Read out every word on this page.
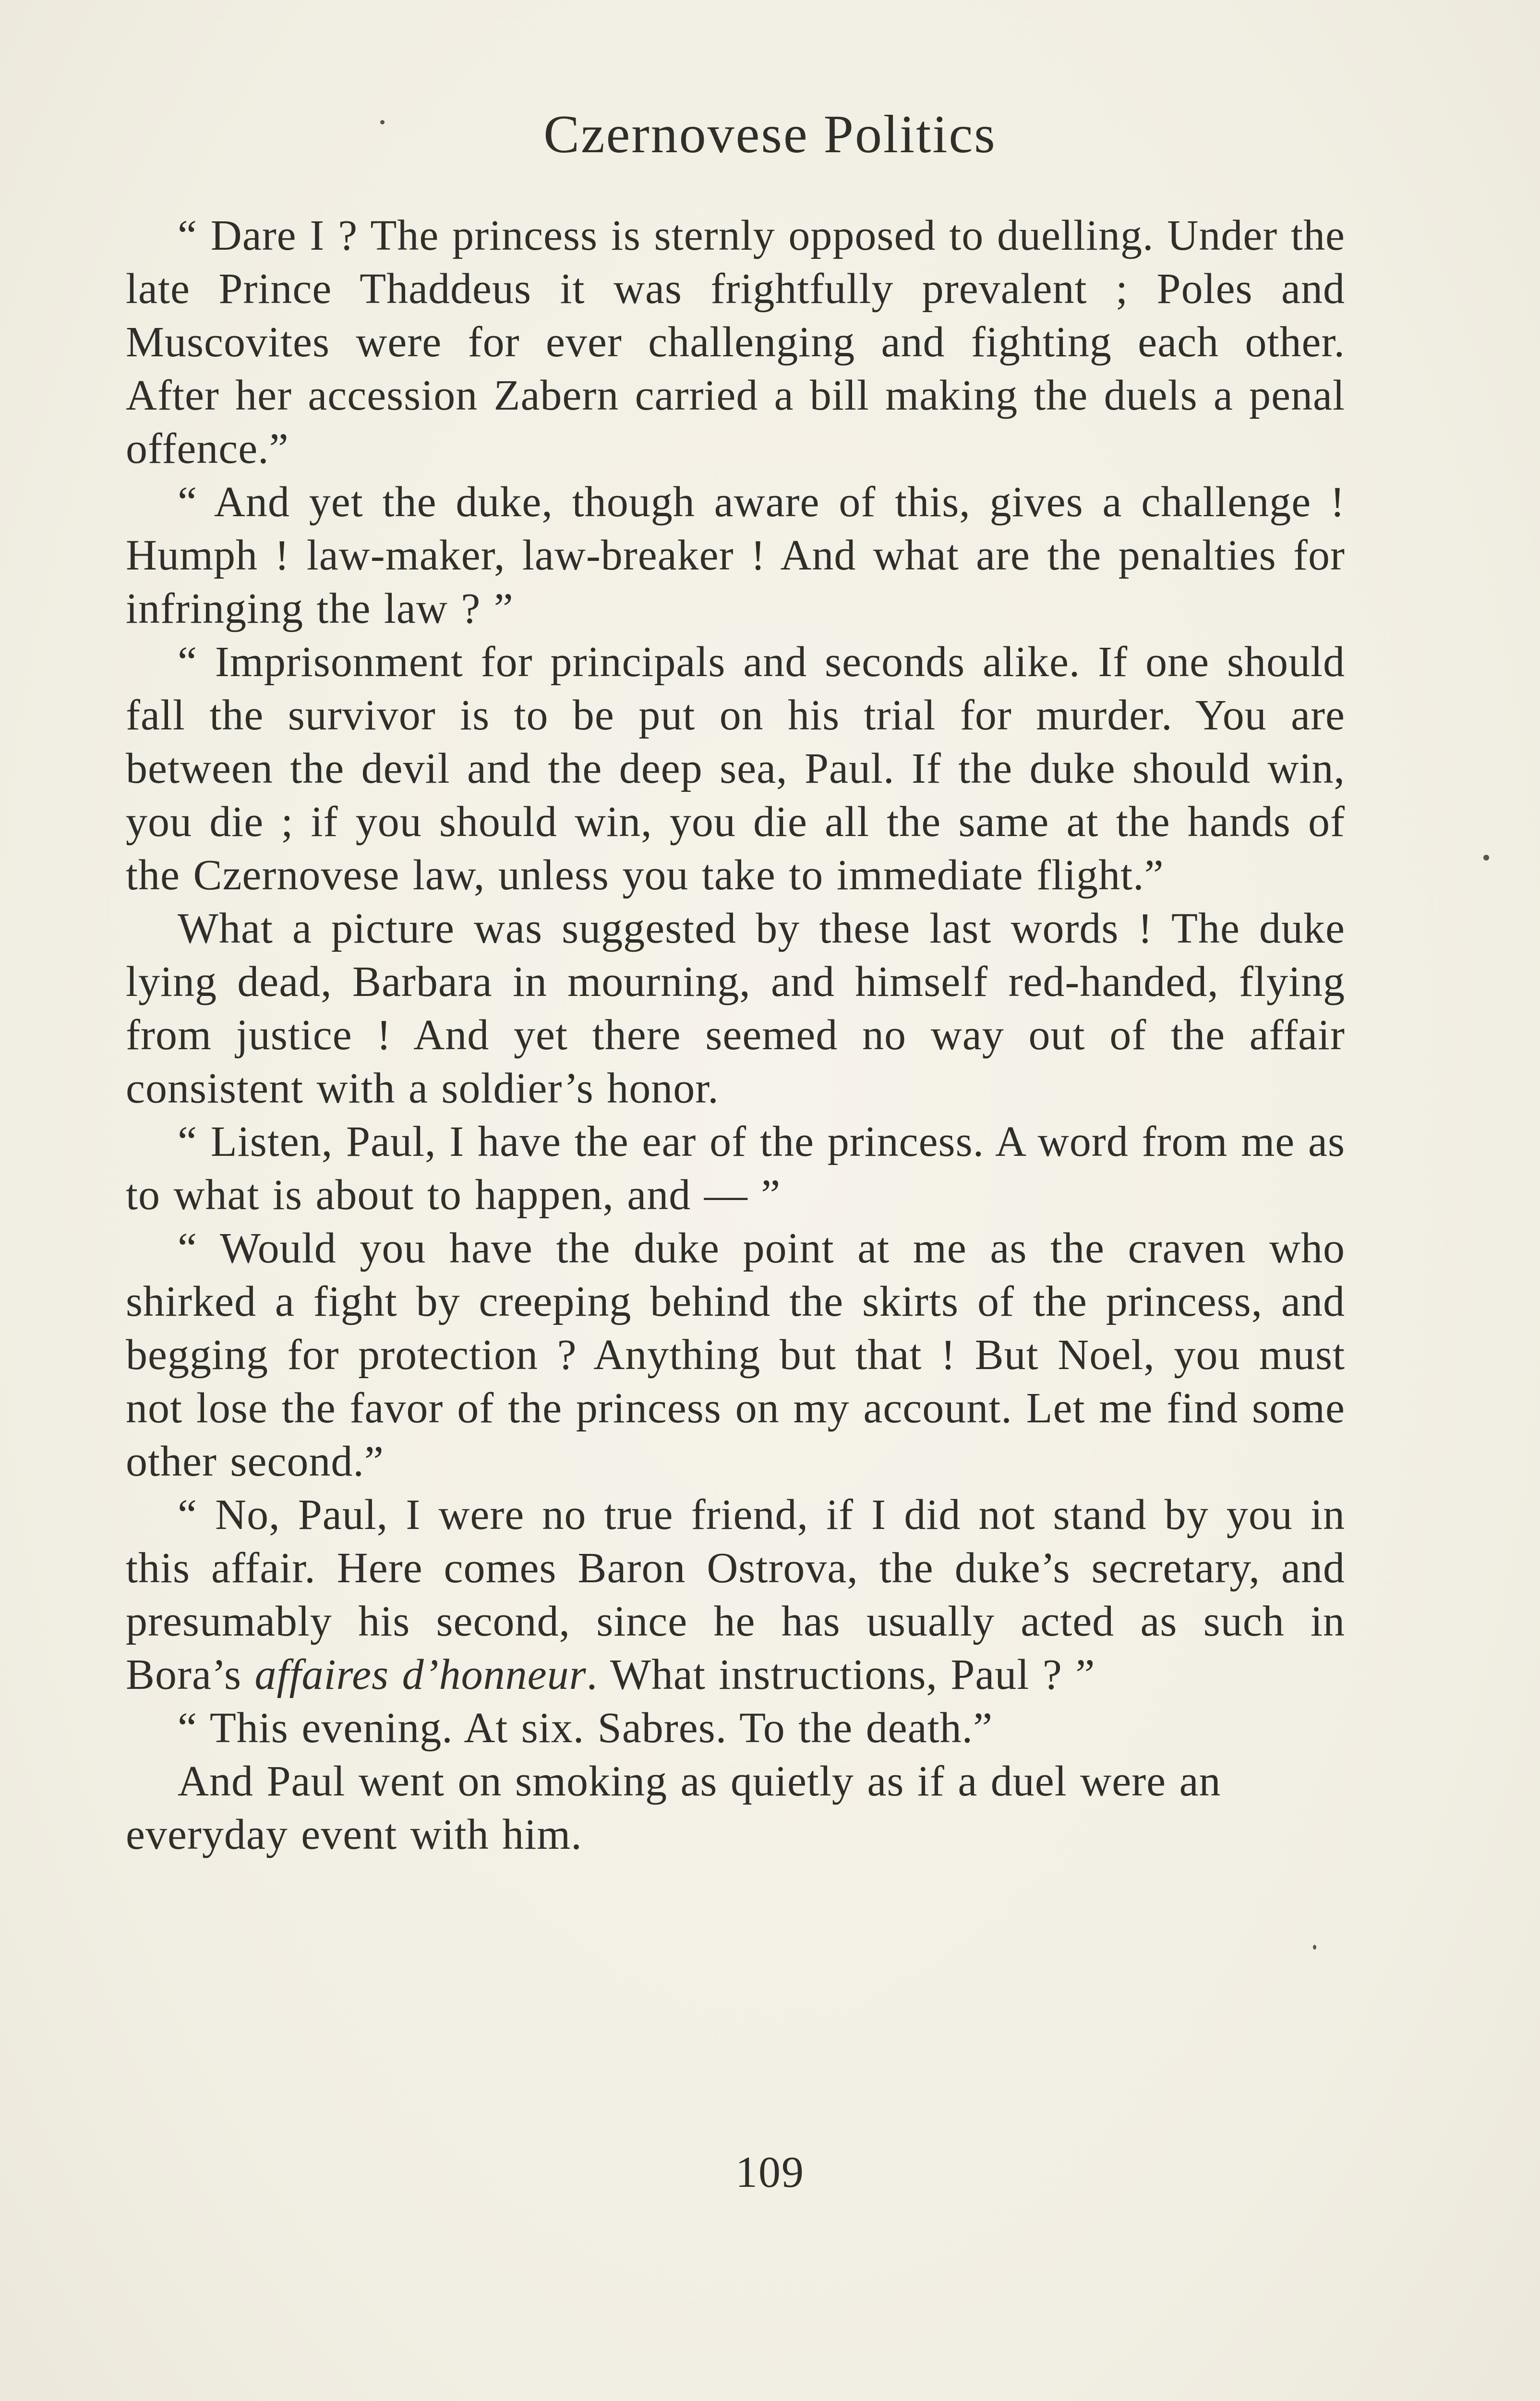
Czernovese Politics

“ Dare I ? The princess is sternly opposed to duelling. Under the late Prince Thaddeus it was frightfully prevalent ; Poles and Muscovites were for ever challenging and fighting each other. After her accession Zabern carried a bill making the duels a penal offence.”

“ And yet the duke, though aware of this, gives a challenge ! Humph ! law-maker, law-breaker ! And what are the penalties for infringing the law ? ”

“ Imprisonment for principals and seconds alike. If one should fall the survivor is to be put on his trial for murder. You are between the devil and the deep sea, Paul. If the duke should win, you die ; if you should win, you die all the same at the hands of the Czernovese law, unless you take to immediate flight.”

What a picture was suggested by these last words ! The duke lying dead, Barbara in mourning, and himself red-handed, flying from justice ! And yet there seemed no way out of the affair consistent with a soldier’s honor.

“ Listen, Paul, I have the ear of the princess. A word from me as to what is about to happen, and — ”

“ Would you have the duke point at me as the craven who shirked a fight by creeping behind the skirts of the princess, and begging for protection ? Anything but that ! But Noel, you must not lose the favor of the princess on my account. Let me find some other second.”

“ No, Paul, I were no true friend, if I did not stand by you in this affair. Here comes Baron Ostrova, the duke’s secretary, and presumably his second, since he has usually acted as such in Bora’s affaires d’honneur. What instructions, Paul ? ”

“ This evening. At six. Sabres. To the death.”

And Paul went on smoking as quietly as if a duel were an everyday event with him.

109
